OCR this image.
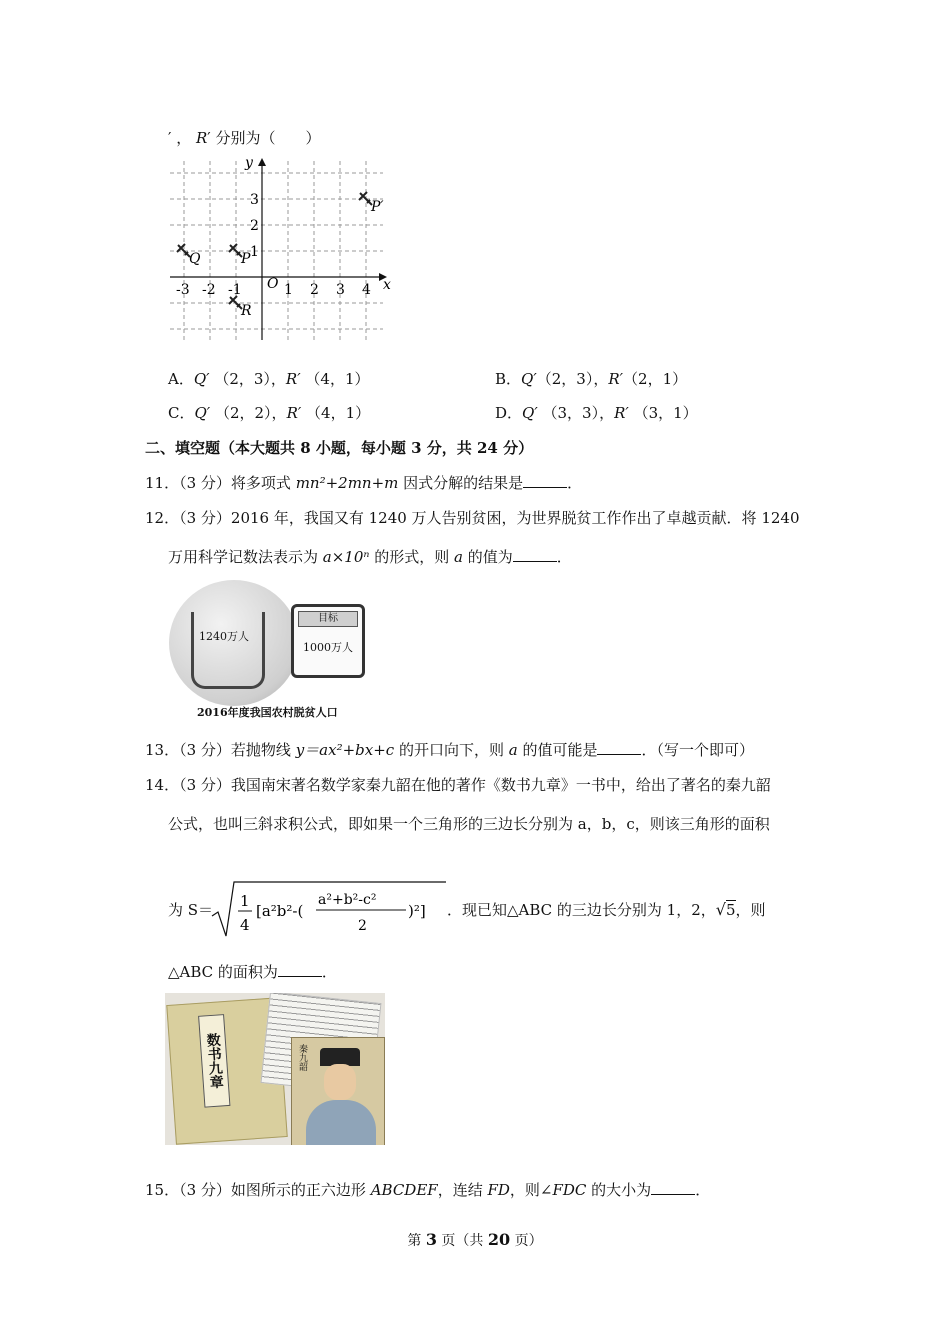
′ ， R′ 分别为（　　）
x
y
O
-3 -2 -1	1 2 3 4
3
2
1
Q	P
R
P′
A．Q′ （2，3），R′ （4，1）	B．Q′（2，3），R′（2，1）
C．Q′ （2，2），R′ （4，1）	D．Q′ （3，3），R′ （3，1）
二、填空题（本大题共 8 小题，每小题 3 分，共 24 分）
11．（3 分）将多项式 mn²+2mn+m 因式分解的结果是	．
12．（3 分）2016 年，我国又有 1240 万人告别贫困，为世界脱贫工作作出了卓越贡献．将 1240
万用科学记数法表示为 a×10ⁿ 的形式，则 a 的值为	．
1240万人
目标
1000万人
2016年度我国农村脱贫人口
13．（3 分）若抛物线 y＝ax²+bx+c 的开口向下，则 a 的值可能是	．（写一个即可）
14．（3 分）我国南宋著名数学家秦九韶在他的著作《数书九章》一书中，给出了著名的秦九韶
公式，也叫三斜求积公式，即如果一个三角形的三边长分别为 a，b，c，则该三角形的面积
为 S＝ 1
4
[a²b²-(
a²+b²-c²
2
)²] ．现已知△ABC 的三边长分别为 1，2，√5，则
△ABC 的面积为	．
数书九章	秦九韶
15．（3 分）如图所示的正六边形 ABCDEF，连结 FD，则∠FDC 的大小为	．
第 3 页（共 20 页）
